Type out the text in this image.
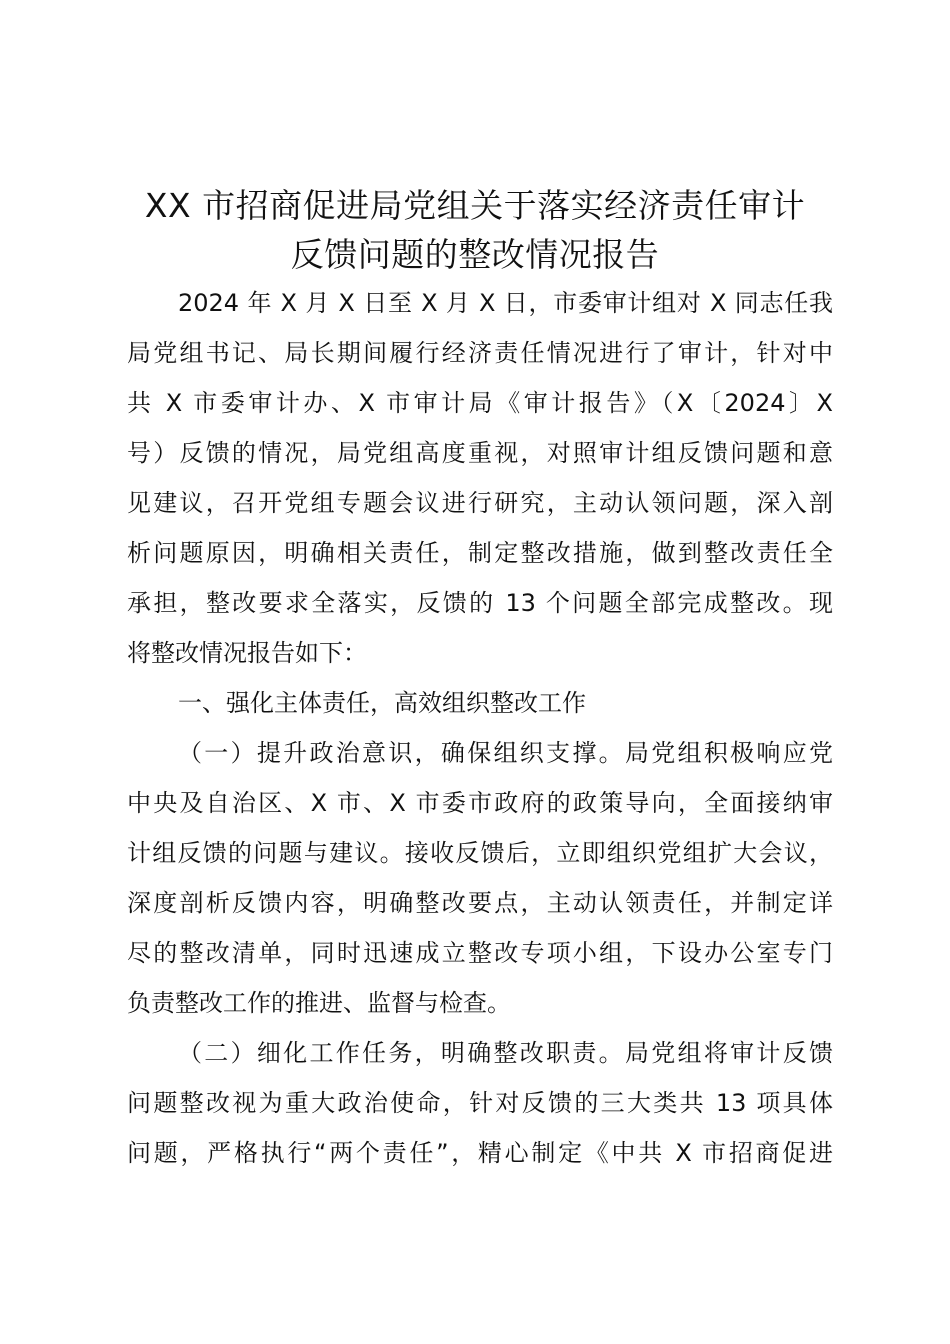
XX 市招商促进局党组关于落实经济责任审计
反馈问题的整改情况报告
2024 年 X 月 X 日至 X 月 X 日，市委审计组对 X 同志任我
局党组书记、局长期间履行经济责任情况进行了审计，针对中
共 X 市委审计办、X 市审计局《审计报告》（X〔2024〕X
号）反馈的情况，局党组高度重视，对照审计组反馈问题和意
见建议，召开党组专题会议进行研究，主动认领问题，深入剖
析问题原因，明确相关责任，制定整改措施，做到整改责任全
承担，整改要求全落实，反馈的 13 个问题全部完成整改。现
将整改情况报告如下：
一、强化主体责任，高效组织整改工作
（一）提升政治意识，确保组织支撑。局党组积极响应党
中央及自治区、X 市、X 市委市政府的政策导向，全面接纳审
计组反馈的问题与建议。接收反馈后，立即组织党组扩大会议，
深度剖析反馈内容，明确整改要点，主动认领责任，并制定详
尽的整改清单，同时迅速成立整改专项小组，下设办公室专门
负责整改工作的推进、监督与检查。
（二）细化工作任务，明确整改职责。局党组将审计反馈
问题整改视为重大政治使命，针对反馈的三大类共 13 项具体
问题，严格执行“两个责任”，精心制定《中共 X 市招商促进
